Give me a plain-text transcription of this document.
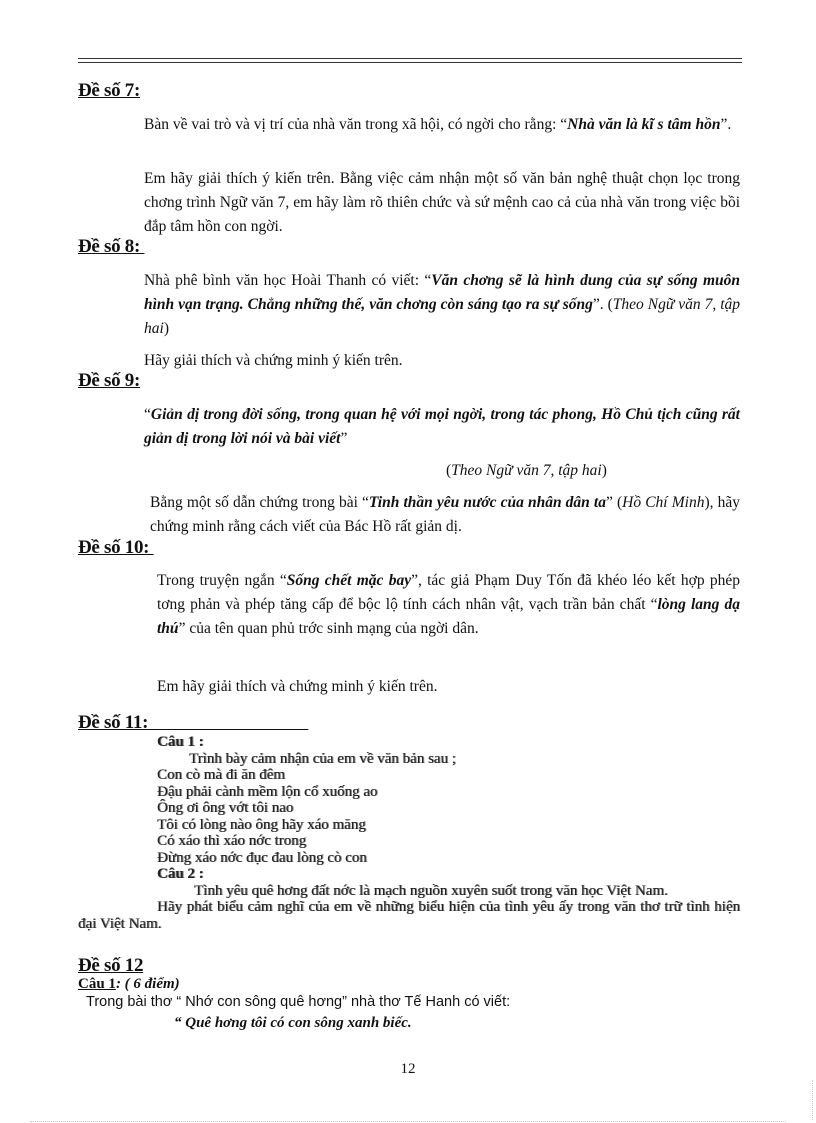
Đề số 7:
Bàn về vai trò và vị trí của nhà văn trong xã hội, có ngời cho rằng: “Nhà văn là kĩ s tâm hồn”.
Em hãy giải thích ý kiến trên. Bằng việc cảm nhận một số văn bản nghệ thuật chọn lọc trong chơng trình Ngữ văn 7, em hãy làm rõ thiên chức và sứ mệnh cao cả của nhà văn trong việc bồi đắp tâm hồn con ngời.
Đề số 8:
Nhà phê bình văn học Hoài Thanh có viết: “Văn chơng sẽ là hình dung của sự sống muôn hình vạn trạng. Chẳng những thế, văn chơng còn sáng tạo ra sự sống”. (Theo Ngữ văn 7, tập hai)
Hãy giải thích và chứng minh ý kiến trên.
Đề số 9:
“Giản dị trong đời sống, trong quan hệ với mọi ngời, trong tác phong, Hồ Chủ tịch cũng rất giản dị trong lời nói và bài viết”
(Theo Ngữ văn 7, tập hai)
Bằng một số dẫn chứng trong bài “Tinh thần yêu nước của nhân dân ta” (Hồ Chí Minh), hãy chứng minh rằng cách viết của Bác Hồ rất giản dị.
Đề số 10:
Trong truyện ngắn “Sống chết mặc bay”, tác giả Phạm Duy Tốn đã khéo léo kết hợp phép tơng phản và phép tăng cấp để bộc lộ tính cách nhân vật, vạch trần bản chất “lòng lang dạ thú” của tên quan phủ trớc sinh mạng của ngời dân.
Em hãy giải thích và chứng minh ý kiến trên.
Đề số 11:
Câu 1 :
Trình bày cảm nhận của em về văn bản sau ;
Con cò mà đi ăn đêm
Đậu phải cành mềm lộn cổ xuống ao
Ông ơi ông vớt tôi nao
Tôi có lòng nào ông hãy xáo măng
Có xáo thì xáo nớc trong
Đừng xáo nớc đục đau lòng cò con
Câu 2 :
Tình yêu quê hơng đất nớc là mạch nguồn xuyên suốt trong văn học Việt Nam.
Hãy phát biểu cảm nghĩ của em về những biểu hiện của tình yêu ấy trong văn thơ trữ tình hiện đại Việt Nam.
Đề số 12
Câu 1: ( 6 điểm)
Trong bài thơ “ Nhớ con sông quê hơng” nhà thơ Tế Hanh có viết:
“ Quê hơng tôi có con sông xanh biếc.
12
